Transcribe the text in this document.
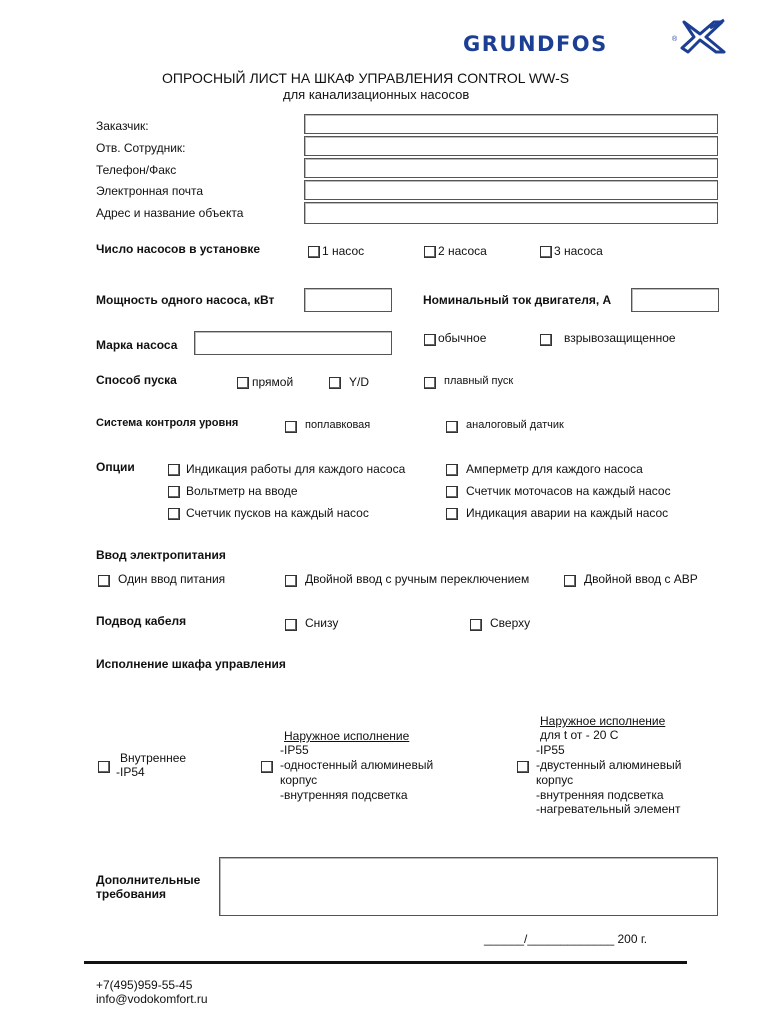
GRUNDFOS	®
ОПРОСНЫЙ ЛИСТ НА ШКАФ УПРАВЛЕНИЯ CONTROL WW-S
для канализационных насосов
Заказчик:
Отв. Сотрудник:
Телефон/Факс
Электронная почта
Адрес и название объекта
Число насосов в установке	1 насос	2 насоса	3 насоса
Мощность одного насоса, кВт	Номинальный ток двигателя, А
Марка насоса	обычное	взрывозащищенное
Способ пуска	прямой	Y/D	плавный пуск
Система контроля уровня	поплавковая	аналоговый датчик
Опции	Индикация работы для каждого насоса	Амперметр для каждого насоса
Вольтметр на вводе	Счетчик моточасов на каждый насос
Счетчик пусков на каждый насос	Индикация аварии на каждый насос
Ввод электропитания
Один ввод питания	Двойной ввод с ручным переключением	Двойной ввод с АВР
Подвод кабеля	Снизу	Сверху
Исполнение шкафа управления
Внутреннее
-IP54
Наружное исполнение
-IP55
-одностенный алюминевый
корпус
-внутренняя подсветка
Наружное исполнение
для t от - 20 С
-IP55
-двустенный алюминевый
корпус
-внутренняя подсветка
-нагревательный элемент
Дополнительные
требования
______/_____________ 200 г.
+7(495)959-55-45
info@vodokomfort.ru
